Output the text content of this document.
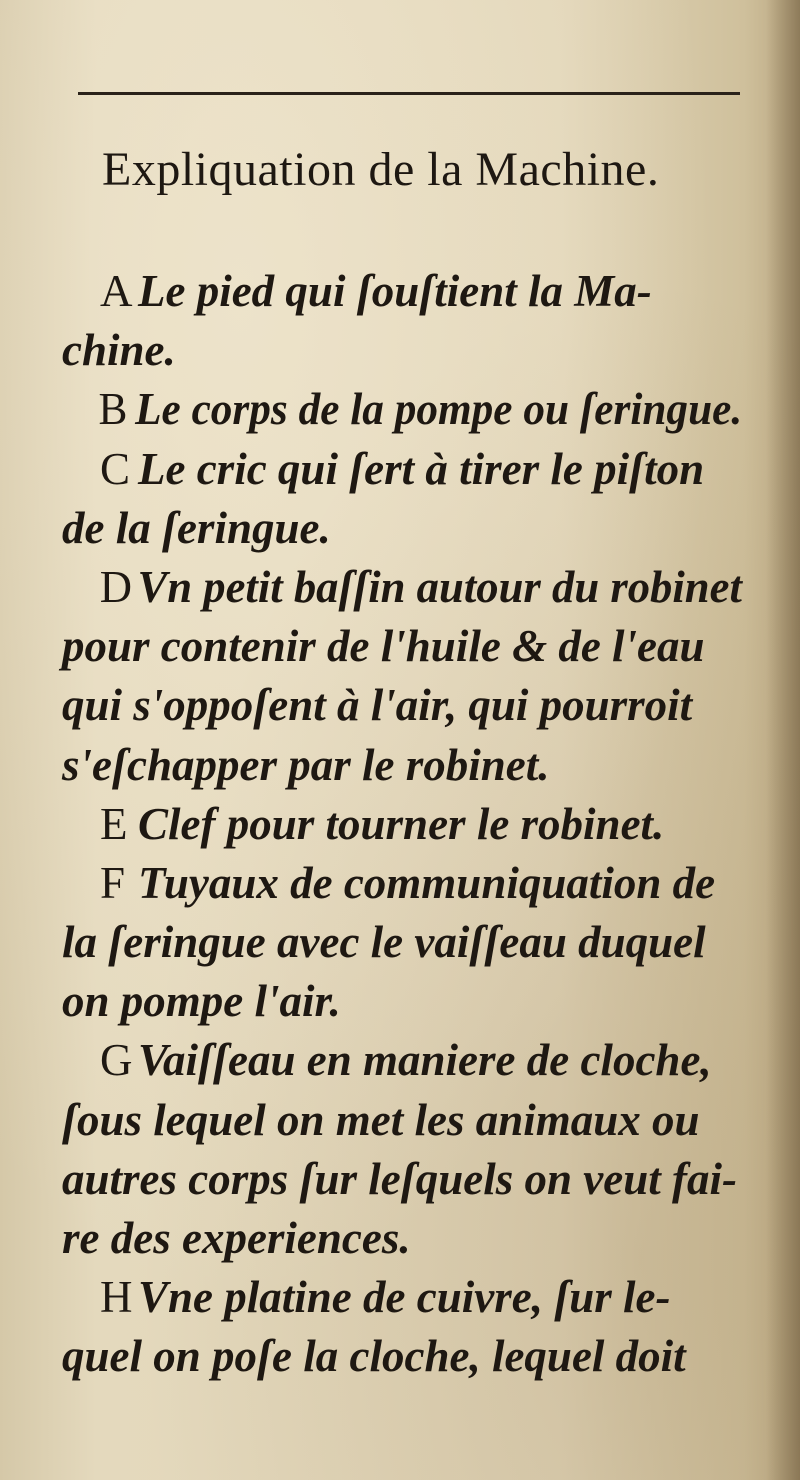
Expliquation de la Machine.
A Le pied qui ſouſtient la Ma-
chine.
B Le corps de la pompe ou ſeringue.
C Le cric qui ſert à tirer le piſton
de la ſeringue.
D Vn petit baſſin autour du robinet
pour contenir de l'huile & de l'eau
qui s'oppoſent à l'air, qui pourroit
s'eſchapper par le robinet.
E Clef pour tourner le robinet.
F Tuyaux de communiquation de
la ſeringue avec le vaiſſeau duquel
on pompe l'air.
G Vaiſſeau en maniere de cloche,
ſous lequel on met les animaux ou
autres corps ſur leſquels on veut fai-
re des experiences.
H Vne platine de cuivre, ſur le-
quel on poſe la cloche, lequel doit
